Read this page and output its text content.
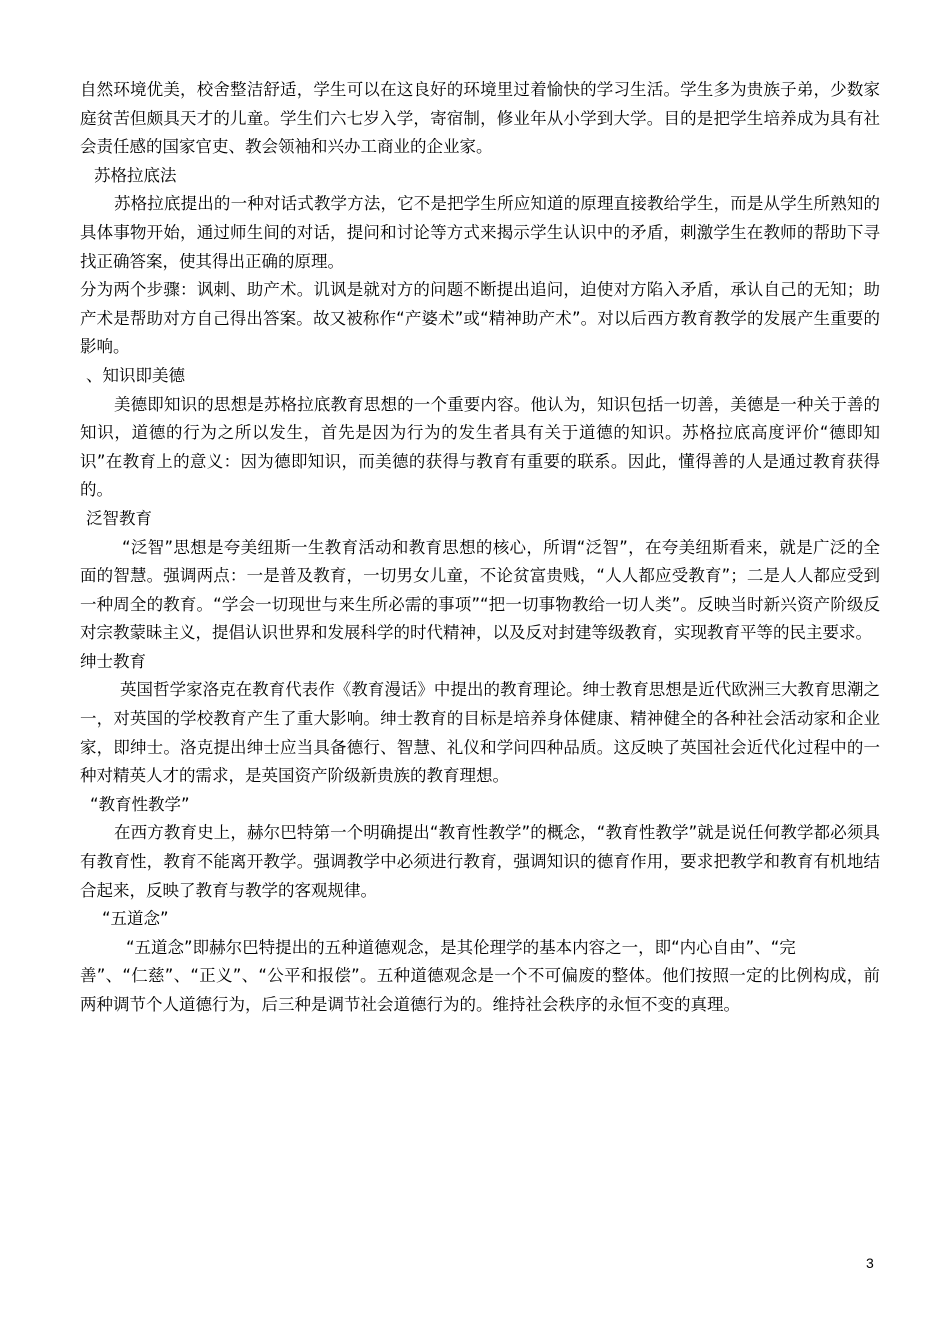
自然环境优美，校舍整洁舒适，学生可以在这良好的环境里过着愉快的学习生活。学生多为贵族子弟，少数家庭贫苦但颇具天才的儿童。学生们六七岁入学，寄宿制，修业年从小学到大学。目的是把学生培养成为具有社会责任感的国家官吏、教会领袖和兴办工商业的企业家。

苏格拉底法

苏格拉底提出的一种对话式教学方法，它不是把学生所应知道的原理直接教给学生，而是从学生所熟知的具体事物开始，通过师生间的对话，提问和讨论等方式来揭示学生认识中的矛盾，刺激学生在教师的帮助下寻找正确答案，使其得出正确的原理。

分为两个步骤：讽刺、助产术。讥讽是就对方的问题不断提出追问，迫使对方陷入矛盾，承认自己的无知；助产术是帮助对方自己得出答案。故又被称作“产婆术”或“精神助产术”。对以后西方教育教学的发展产生重要的影响。

、知识即美德

美德即知识的思想是苏格拉底教育思想的一个重要内容。他认为，知识包括一切善，美德是一种关于善的知识，道德的行为之所以发生，首先是因为行为的发生者具有关于道德的知识。苏格拉底高度评价“德即知识”在教育上的意义：因为德即知识，而美德的获得与教育有重要的联系。因此，懂得善的人是通过教育获得的。

泛智教育

“泛智”思想是夸美纽斯一生教育活动和教育思想的核心，所谓“泛智”，在夸美纽斯看来，就是广泛的全面的智慧。强调两点：一是普及教育，一切男女儿童，不论贫富贵贱，“人人都应受教育”；二是人人都应受到一种周全的教育。“学会一切现世与来生所必需的事项”“把一切事物教给一切人类”。反映当时新兴资产阶级反对宗教蒙昧主义，提倡认识世界和发展科学的时代精神，以及反对封建等级教育，实现教育平等的民主要求。

绅士教育

英国哲学家洛克在教育代表作《教育漫话》中提出的教育理论。绅士教育思想是近代欧洲三大教育思潮之一，对英国的学校教育产生了重大影响。绅士教育的目标是培养身体健康、精神健全的各种社会活动家和企业家，即绅士。洛克提出绅士应当具备德行、智慧、礼仪和学问四种品质。这反映了英国社会近代化过程中的一种对精英人才的需求，是英国资产阶级新贵族的教育理想。

“教育性教学”

在西方教育史上，赫尔巴特第一个明确提出“教育性教学”的概念，“教育性教学”就是说任何教学都必须具有教育性，教育不能离开教学。强调教学中必须进行教育，强调知识的德育作用，要求把教学和教育有机地结合起来，反映了教育与教学的客观规律。

“五道念”

“五道念”即赫尔巴特提出的五种道德观念，是其伦理学的基本内容之一，即“内心自由”、“完

善”、“仁慈”、“正义”、“公平和报偿”。五种道德观念是一个不可偏废的整体。他们按照一定的比例构成，前两种调节个人道德行为，后三种是调节社会道德行为的。维持社会秩序的永恒不变的真理。

3
